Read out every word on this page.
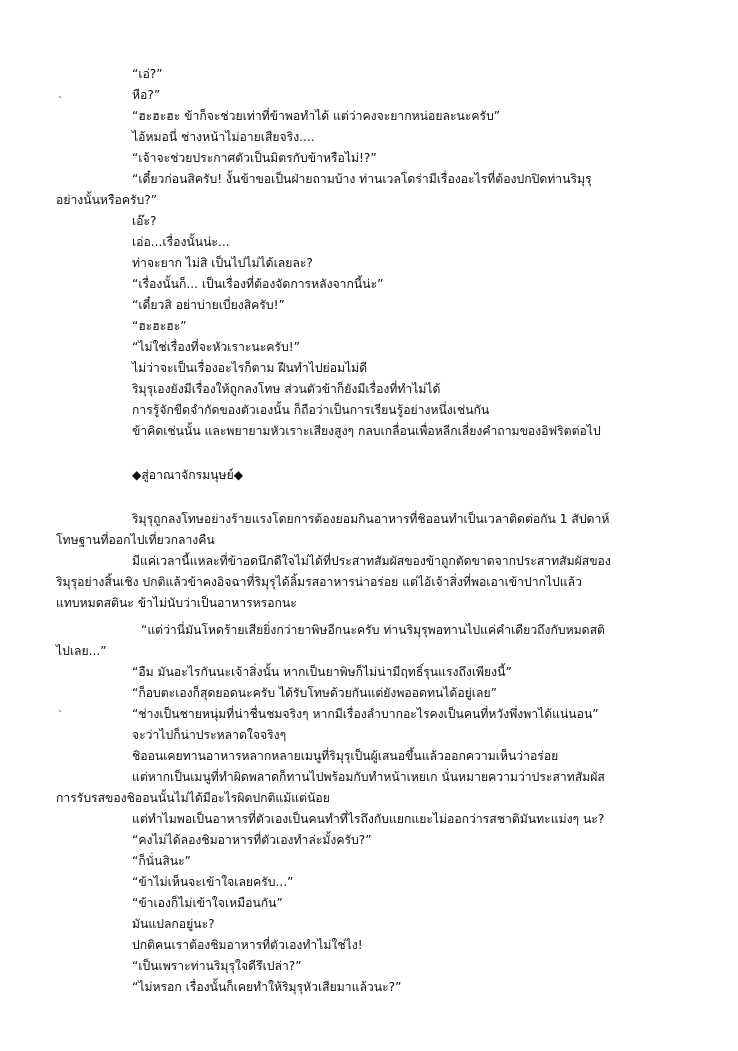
`
`
“เอ่?”
หือ?”
“ฮะฮะฮะ ข้าก็จะช่วยเท่าที่ข้าพอทำได้ แต่ว่าคงจะยากหน่อยละนะครับ”
ไอ้หมอนี่ ช่างหน้าไม่อายเสียจริง....
“เจ้าจะช่วยประกาศตัวเป็นมิตรกับข้าหรือไม่!?”
“เดี๋ยวก่อนสิครับ! งั้นข้าขอเป็นฝ่ายถามบ้าง ท่านเวลโดร่ามีเรื่องอะไรที่ต้องปกปิดท่านริมุรุ
อย่างนั้นหรือครับ?”
เอ๊ะ?
เอ่อ...เรื่องนั้นน่ะ...
ท่าจะยาก ไม่สิ เป็นไปไม่ได้เลยละ?
“เรื่องนั้นก็... เป็นเรื่องที่ต้องจัดการหลังจากนี้น่ะ”
“เดี๋ยวสิ อย่าบ่ายเบี่ยงสิครับ!”
“ฮะฮะฮะ”
“ไม่ใช่เรื่องที่จะหัวเราะนะครับ!”
ไม่ว่าจะเป็นเรื่องอะไรก็ตาม ฝืนทำไปย่อมไม่ดี
ริมุรุเองยังมีเรื่องให้ถูกลงโทษ ส่วนตัวข้าก็ยังมีเรื่องที่ทำไม่ได้
การรู้จักขีดจำกัดของตัวเองนั้น ก็ถือว่าเป็นการเรียนรู้อย่างหนึ่งเช่นกัน
ข้าคิดเช่นนั้น และพยายามหัวเราะเสียงสูงๆ กลบเกลื่อนเพื่อหลีกเลี่ยงคำถามของอิฟริตต่อไป
◆สู่อาณาจักรมนุษย์◆
ริมุรุถูกลงโทษอย่างร้ายแรงโดยการต้องยอมกินอาหารที่ชิออนทำเป็นเวลาติดต่อกัน 1 สัปดาห์
โทษฐานที่ออกไปเที่ยวกลางคืน
มีแค่เวลานี้แหละที่ข้าอดนึกดีใจไม่ได้ที่ประสาทสัมผัสของข้าถูกตัดขาดจากประสาทสัมผัสของ
ริมุรุอย่างสิ้นเชิง ปกติแล้วข้าคงอิจฉาที่ริมุรุได้ลิ้มรสอาหารน่าอร่อย แต่ไอ้เจ้าสิ่งที่พอเอาเข้าปากไปแล้ว
แทบหมดสตินะ ข้าไม่นับว่าเป็นอาหารหรอกนะ
“แต่ว่านี่มันโหดร้ายเสียยิ่งกว่ายาพิษอีกนะครับ ท่านริมุรุพอทานไปแค่คำเดียวถึงกับหมดสติ
ไปเลย...”
“อืม มันอะไรกันนะเจ้าสิ่งนั้น หากเป็นยาพิษก็ไม่น่ามีฤทธิ์รุนแรงถึงเพียงนี้”
“ก็อบตะเองก็สุดยอดนะครับ ได้รับโทษด้วยกันแต่ยังพออดทนได้อยู่เลย”
“ช่างเป็นชายหนุ่มที่น่าชื่นชมจริงๆ หากมีเรื่องลำบากอะไรคงเป็นคนที่หวังพึ่งพาได้แน่นอน”
จะว่าไปก็น่าประหลาดใจจริงๆ
ชิออนเคยทานอาหารหลากหลายเมนูที่ริมุรุเป็นผู้เสนอขึ้นแล้วออกความเห็นว่าอร่อย
แต่หากเป็นเมนูที่ทำผิดพลาดก็ทานไปพร้อมกับทำหน้าเหยเก นั่นหมายความว่าประสาทสัมผัส
การรับรสของชิออนนั้นไม่ได้มีอะไรผิดปกติแม้แต่น้อย
แต่ทำไมพอเป็นอาหารที่ตัวเองเป็นคนทำที่ไรถึงกับแยกแยะไม่ออกว่ารสชาติมันทะแม่งๆ นะ?
“คงไม่ได้ลองชิมอาหารที่ตัวเองทำล่ะมั้งครับ?”
“ก็นั่นสินะ”
“ข้าไม่เห็นจะเข้าใจเลยครับ...”
“ข้าเองก็ไม่เข้าใจเหมือนกัน”
มันแปลกอยู่นะ?
ปกติคนเราต้องชิมอาหารที่ตัวเองทำไม่ใช่ไง!
“เป็นเพราะท่านริมุรุใจดีรึเปล่า?”
“ไม่หรอก เรื่องนั้นก็เคยทำให้ริมุรุหัวเสียมาแล้วนะ?”
